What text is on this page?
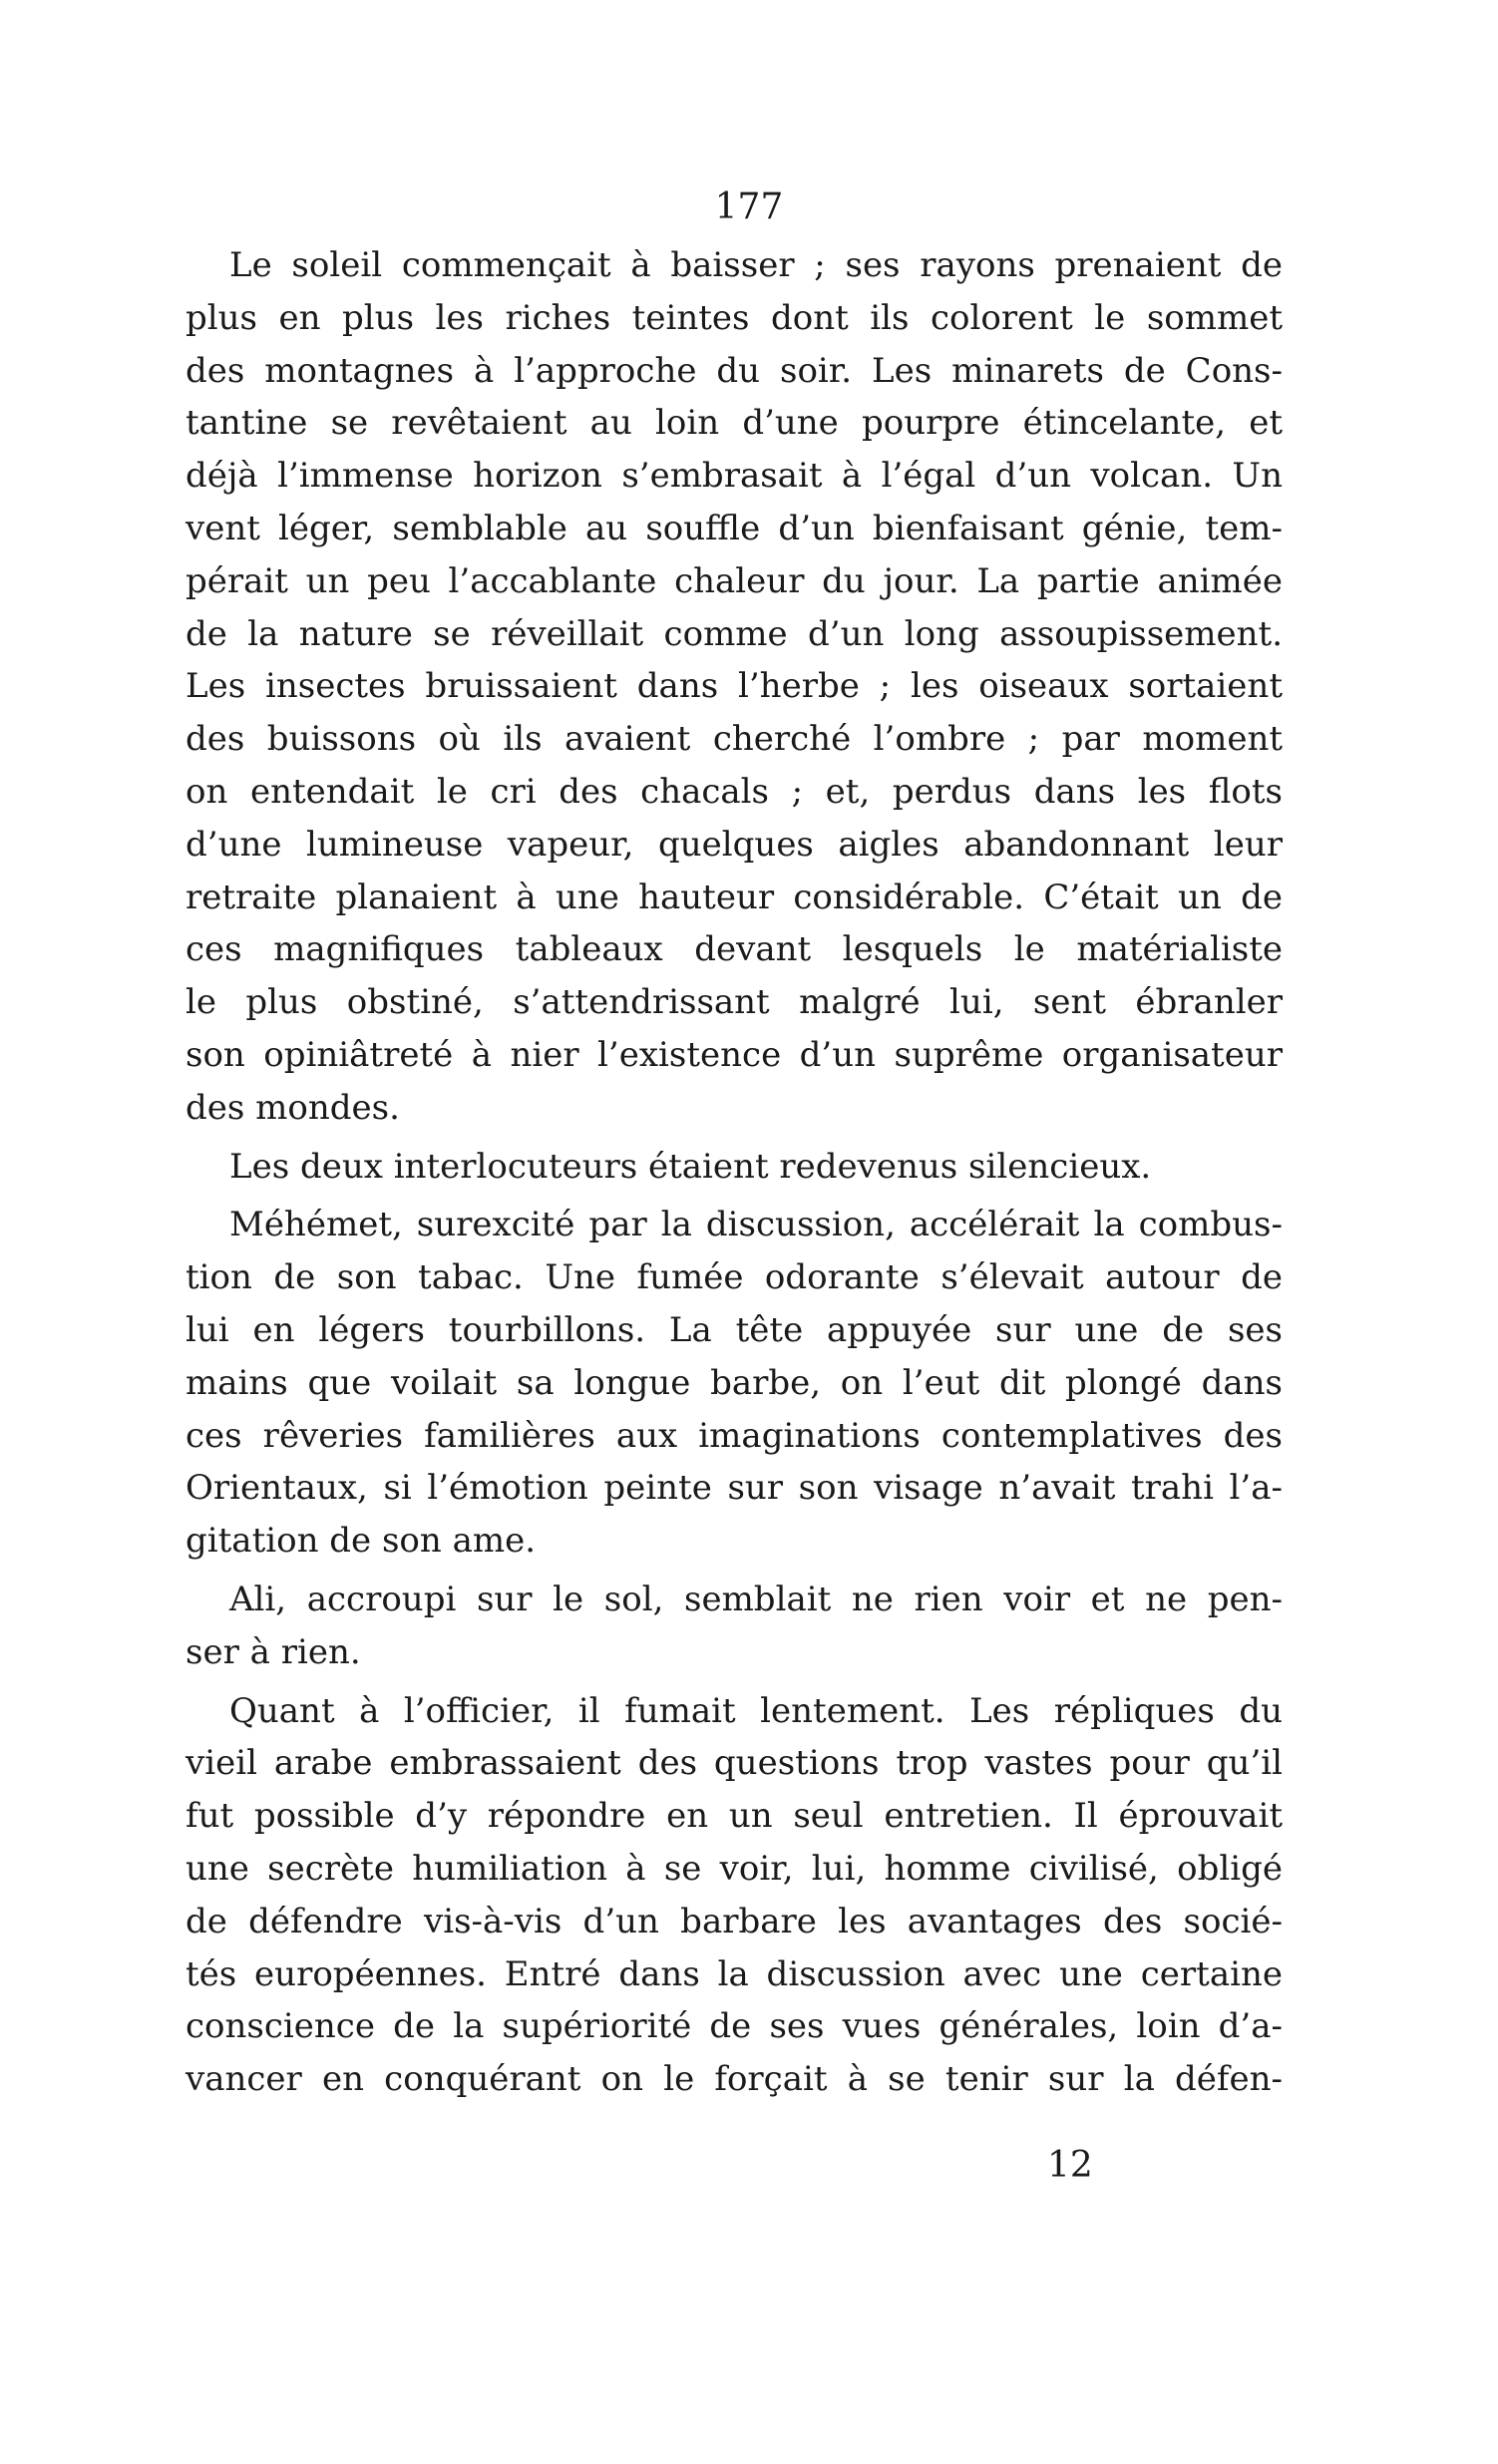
177

Le soleil commençait à baisser ; ses rayons prenaient de
plus en plus les riches teintes dont ils colorent le sommet
des montagnes à l’approche du soir. Les minarets de Cons-
tantine se revêtaient au loin d’une pourpre étincelante, et
déjà l’immense horizon s’embrasait à l’égal d’un volcan. Un
vent léger, semblable au souffle d’un bienfaisant génie, tem-
pérait un peu l’accablante chaleur du jour. La partie animée
de la nature se réveillait comme d’un long assoupissement.
Les insectes bruissaient dans l’herbe ; les oiseaux sortaient
des buissons où ils avaient cherché l’ombre ; par moment
on entendait le cri des chacals ; et, perdus dans les flots
d’une lumineuse vapeur, quelques aigles abandonnant leur
retraite planaient à une hauteur considérable. C’était un de
ces magnifiques tableaux devant lesquels le matérialiste
le plus obstiné, s’attendrissant malgré lui, sent ébranler
son opiniâtreté à nier l’existence d’un suprême organisateur
des mondes.

Les deux interlocuteurs étaient redevenus silencieux.

Méhémet, surexcité par la discussion, accélérait la combus-
tion de son tabac. Une fumée odorante s’élevait autour de
lui en légers tourbillons. La tête appuyée sur une de ses
mains que voilait sa longue barbe, on l’eut dit plongé dans
ces rêveries familières aux imaginations contemplatives des
Orientaux, si l’émotion peinte sur son visage n’avait trahi l’a-
gitation de son ame.

Ali, accroupi sur le sol, semblait ne rien voir et ne pen-
ser à rien.

Quant à l’officier, il fumait lentement. Les répliques du
vieil arabe embrassaient des questions trop vastes pour qu’il
fut possible d’y répondre en un seul entretien. Il éprouvait
une secrète humiliation à se voir, lui, homme civilisé, obligé
de défendre vis-à-vis d’un barbare les avantages des socié-
tés européennes. Entré dans la discussion avec une certaine
conscience de la supériorité de ses vues générales, loin d’a-
vancer en conquérant on le forçait à se tenir sur la défen-

12
